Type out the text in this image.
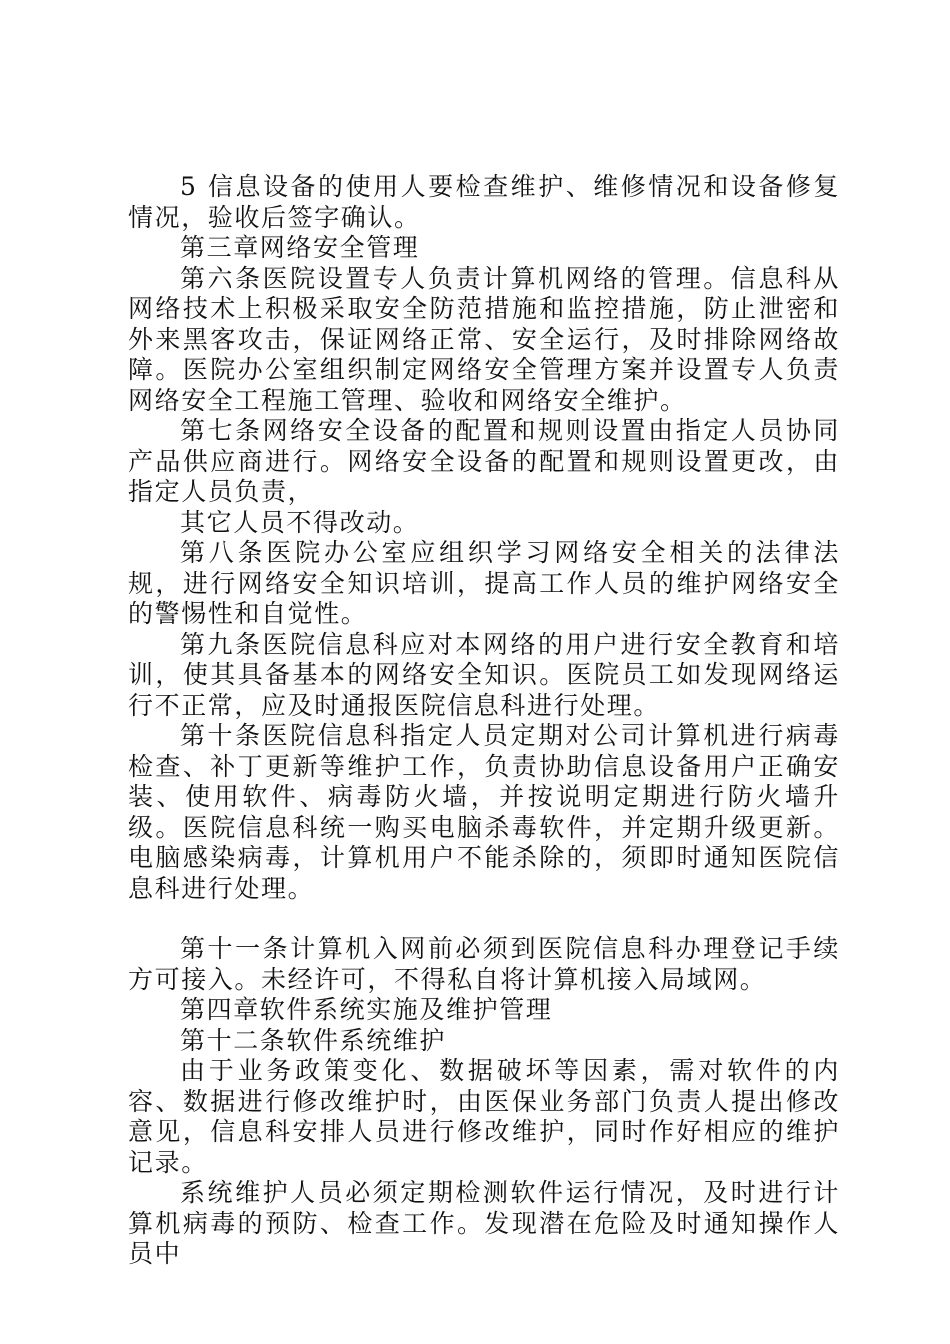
5 信息设备的使用人要检查维护、维修情况和设备修复情况，验收后签字确认。

第三章网络安全管理

第六条医院设置专人负责计算机网络的管理。信息科从网络技术上积极采取安全防范措施和监控措施，防止泄密和外来黑客攻击，保证网络正常、安全运行，及时排除网络故障。医院办公室组织制定网络安全管理方案并设置专人负责网络安全工程施工管理、验收和网络安全维护。

第七条网络安全设备的配置和规则设置由指定人员协同产品供应商进行。网络安全设备的配置和规则设置更改，由指定人员负责，

其它人员不得改动。

第八条医院办公室应组织学习网络安全相关的法律法规，进行网络安全知识培训，提高工作人员的维护网络安全的警惕性和自觉性。

第九条医院信息科应对本网络的用户进行安全教育和培训，使其具备基本的网络安全知识。医院员工如发现网络运行不正常，应及时通报医院信息科进行处理。

第十条医院信息科指定人员定期对公司计算机进行病毒检查、补丁更新等维护工作，负责协助信息设备用户正确安装、使用软件、病毒防火墙，并按说明定期进行防火墙升级。医院信息科统一购买电脑杀毒软件，并定期升级更新。电脑感染病毒，计算机用户不能杀除的，须即时通知医院信息科进行处理。

第十一条计算机入网前必须到医院信息科办理登记手续方可接入。未经许可，不得私自将计算机接入局域网。

第四章软件系统实施及维护管理

第十二条软件系统维护

由于业务政策变化、数据破坏等因素，需对软件的内容、数据进行修改维护时，由医保业务部门负责人提出修改意见，信息科安排人员进行修改维护，同时作好相应的维护记录。

系统维护人员必须定期检测软件运行情况，及时进行计算机病毒的预防、检查工作。发现潜在危险及时通知操作人员中
